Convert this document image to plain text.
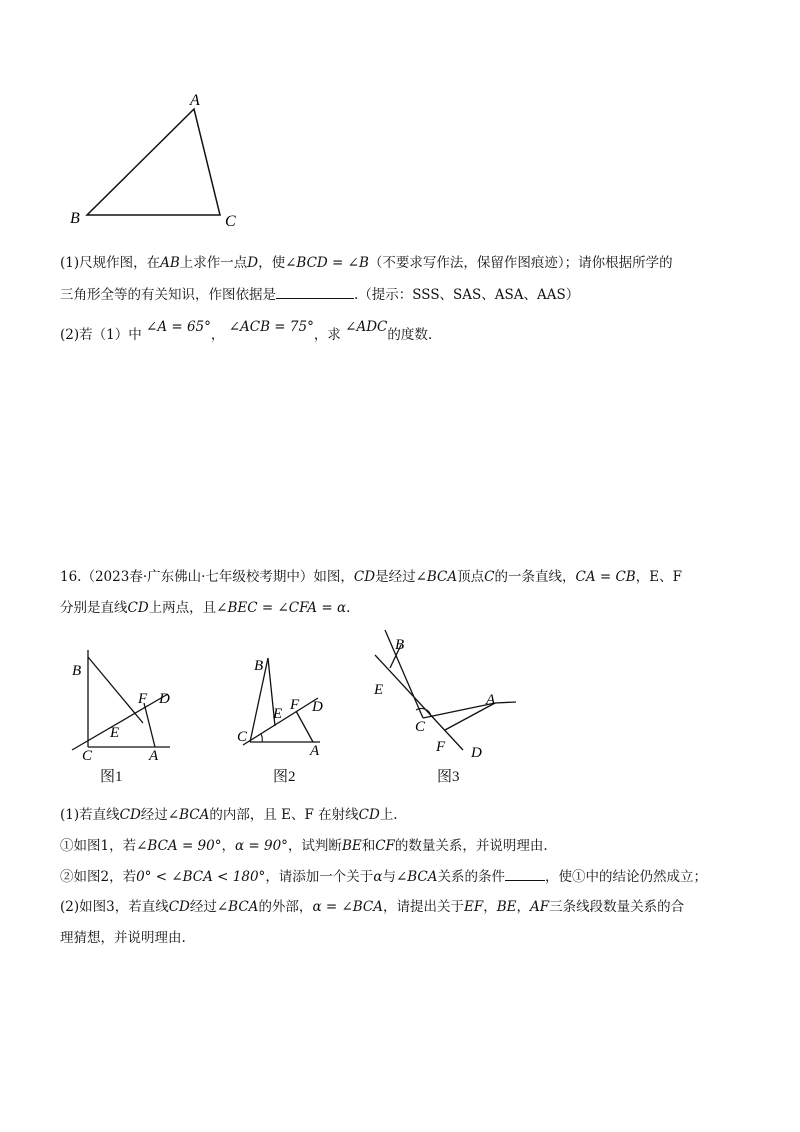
A
B	C
(1)尺规作图，在AB上求作一点D，使∠BCD = ∠B（不要求写作法，保留作图痕迹）；请你根据所学的
三角形全等的有关知识，作图依据是	.（提示：SSS、SAS、ASA、AAS）
(2)若（1）中 ∠A = 65°， ∠ACB = 75°，求 ∠ADC的度数.
16.（2023春·广东佛山·七年级校考期中）如图，CD是经过∠BCA顶点C的一条直线，CA = CB，E、F
分别是直线CD上两点，且∠BEC = ∠CFA = α.
B
F D
E
C	A
图1
B
F D
E
C
A
图2
B
E
A
C
F D
图3
(1)若直线CD经过∠BCA的内部，且 E、F 在射线CD上.
①如图1，若∠BCA = 90°，α = 90°，试判断BE和CF的数量关系，并说明理由.
②如图2，若0° < ∠BCA < 180°，请添加一个关于α与∠BCA关系的条件	，使①中的结论仍然成立；
(2)如图3，若直线CD经过∠BCA的外部，α = ∠BCA，请提出关于EF，BE，AF三条线段数量关系的合
理猜想，并说明理由.
